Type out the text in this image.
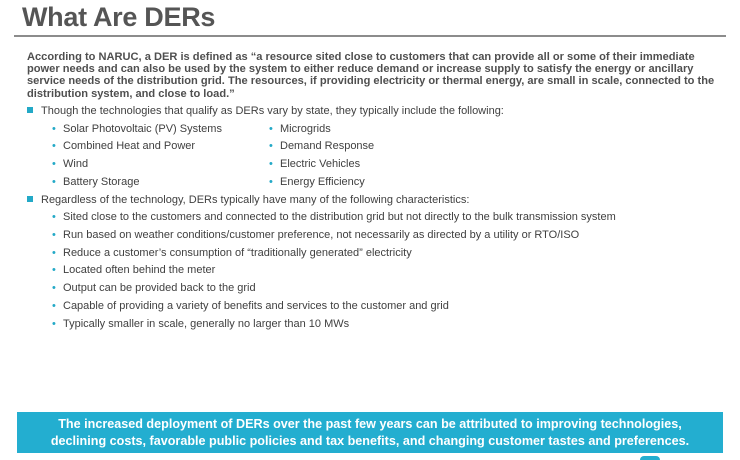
What Are DERs
According to NARUC, a DER is defined as “a resource sited close to customers that can provide all or some of their immediate power needs and can also be used by the system to either reduce demand or increase supply to satisfy the energy or ancillary service needs of the distribution grid. The resources, if providing electricity or thermal energy, are small in scale, connected to the distribution system, and close to load.”
Though the technologies that qualify as DERs vary by state, they typically include the following:
• Solar Photovoltaic (PV) Systems
• Combined Heat and Power
• Wind
• Battery Storage
• Microgrids
• Demand Response
• Electric Vehicles
• Energy Efficiency
Regardless of the technology, DERs typically have many of the following characteristics:
• Sited close to the customers and connected to the distribution grid but not directly to the bulk transmission system
• Run based on weather conditions/customer preference, not necessarily as directed by a utility or RTO/ISO
• Reduce a customer’s consumption of “traditionally generated” electricity
• Located often behind the meter
• Output can be provided back to the grid
• Capable of providing a variety of benefits and services to the customer and grid
• Typically smaller in scale, generally no larger than 10 MWs
The increased deployment of DERs over the past few years can be attributed to improving technologies,
declining costs, favorable public policies and tax benefits, and changing customer tastes and preferences.
